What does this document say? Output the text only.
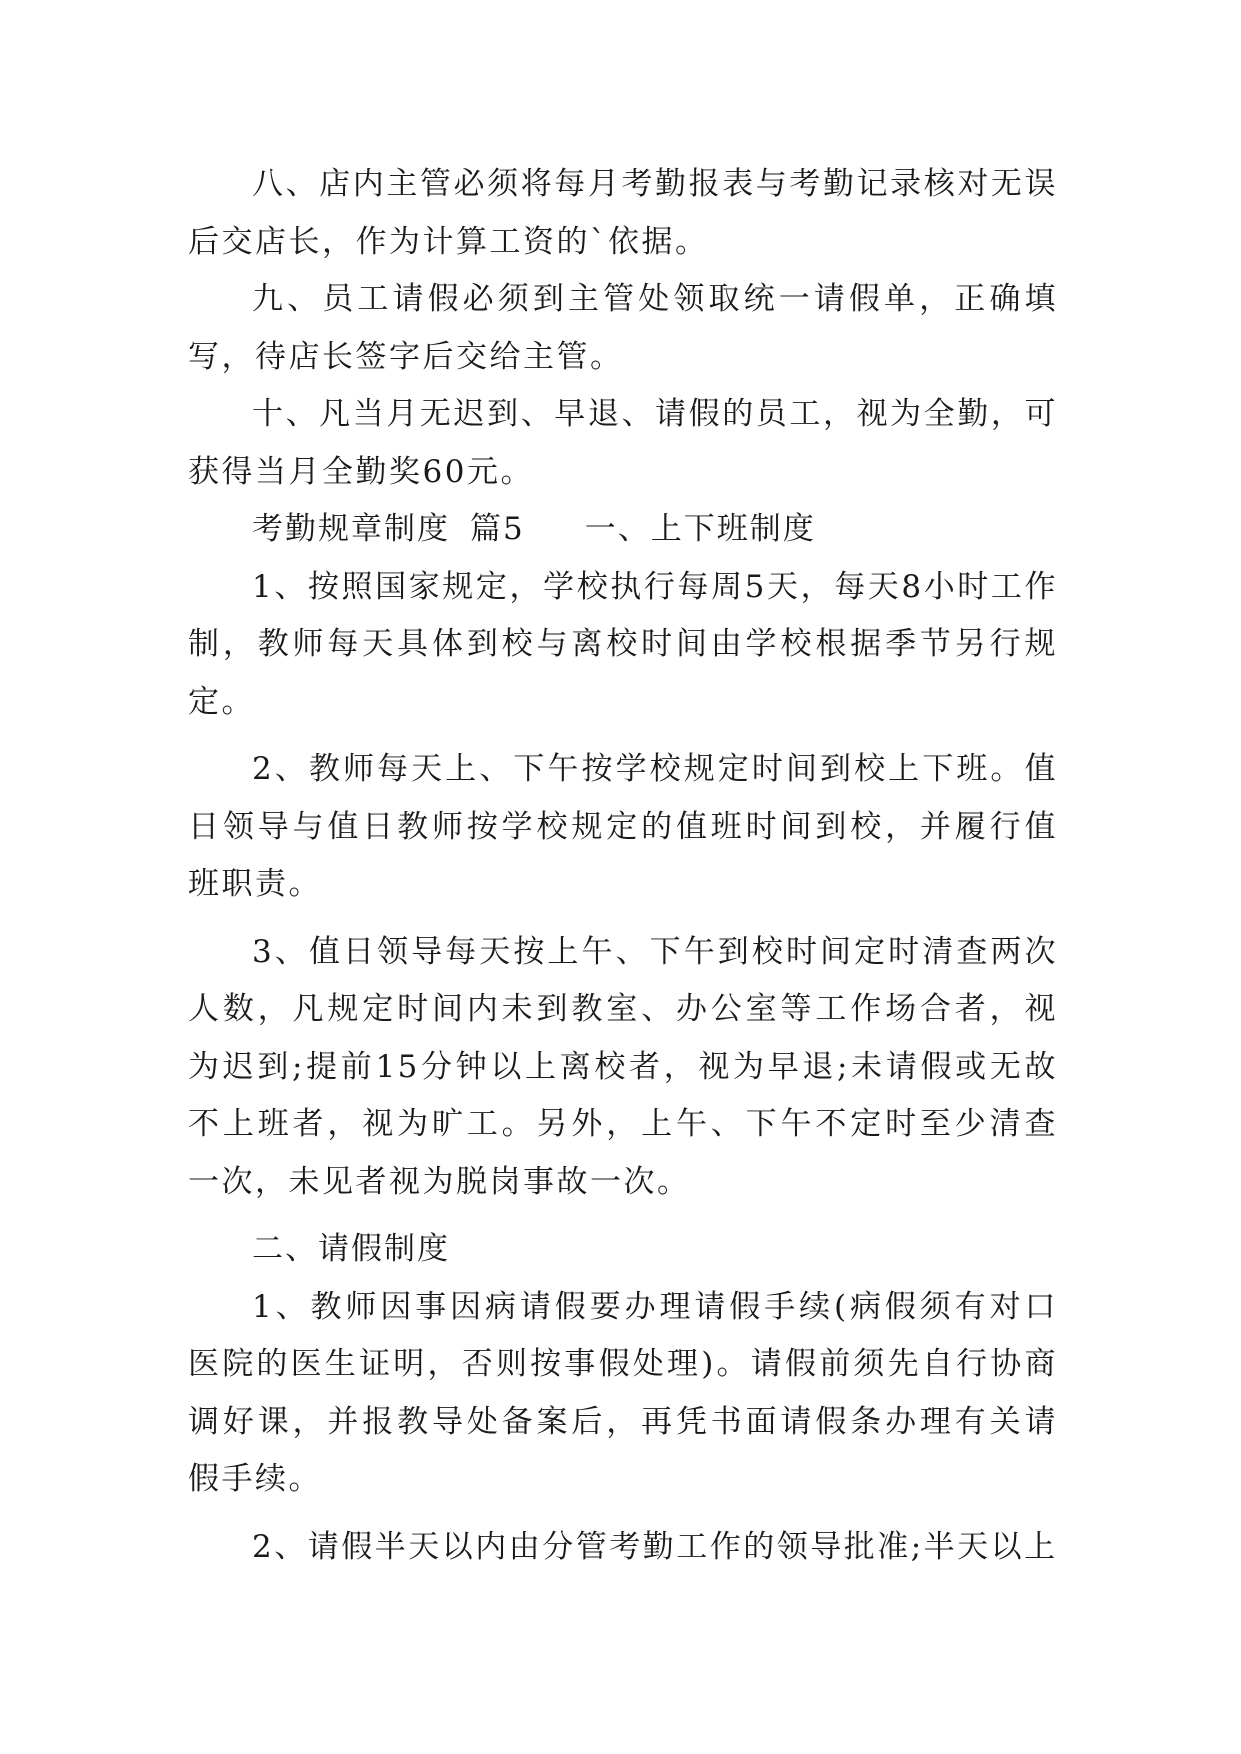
八、店内主管必须将每月考勤报表与考勤记录核对无误后交店长，作为计算工资的`依据。

九、员工请假必须到主管处领取统一请假单，正确填写，待店长签字后交给主管。

十、凡当月无迟到、早退、请假的员工，视为全勤，可获得当月全勤奖60元。

考勤规章制度 篇5 一、上下班制度

1、按照国家规定，学校执行每周5天，每天8小时工作制，教师每天具体到校与离校时间由学校根据季节另行规定。

2、教师每天上、下午按学校规定时间到校上下班。值日领导与值日教师按学校规定的值班时间到校，并履行值班职责。

3、值日领导每天按上午、下午到校时间定时清查两次人数，凡规定时间内未到教室、办公室等工作场合者，视为迟到;提前15分钟以上离校者，视为早退;未请假或无故不上班者，视为旷工。另外，上午、下午不定时至少清查一次，未见者视为脱岗事故一次。

二、请假制度

1、教师因事因病请假要办理请假手续(病假须有对口医院的医生证明，否则按事假处理)。请假前须先自行协商调好课，并报教导处备案后，再凭书面请假条办理有关请假手续。

2、请假半天以内由分管考勤工作的领导批准;半天以上
